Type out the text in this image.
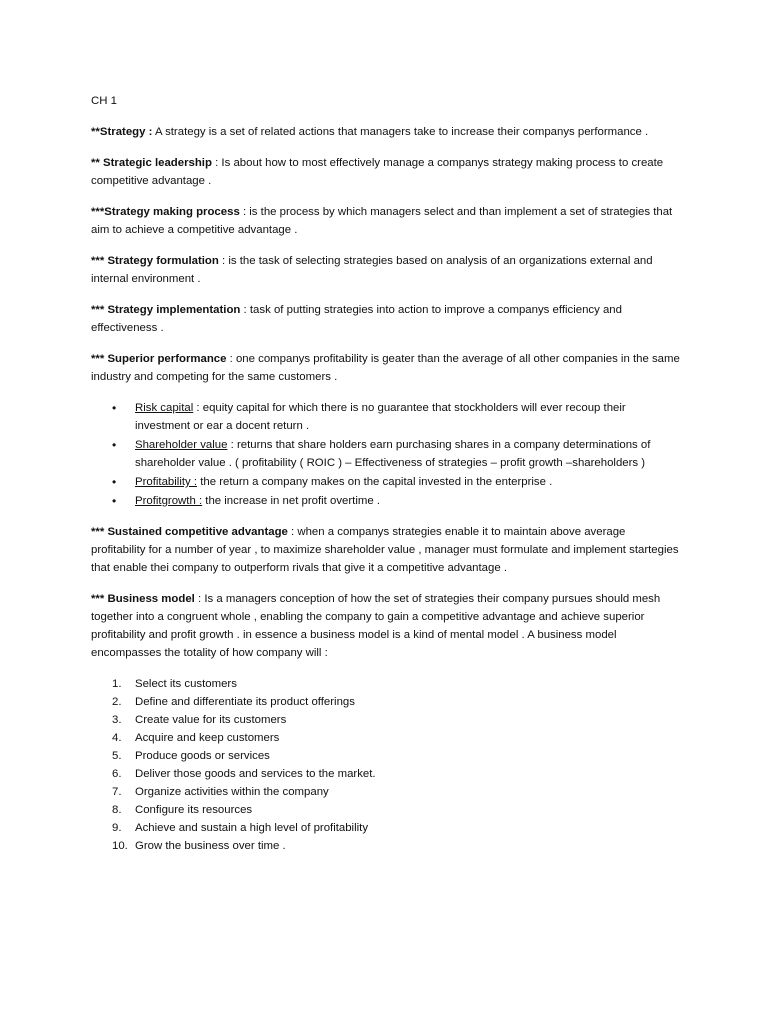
CH 1

**Strategy : A strategy is a set of related actions that managers take to increase their companys performance .

** Strategic leadership : Is about how to most effectively manage a companys strategy making process to create competitive advantage .

***Strategy making process : is the process by which managers select and than implement a set of strategies that aim to achieve a competitive advantage .

*** Strategy formulation : is the task of selecting strategies based on analysis of an organizations external and internal environment .

*** Strategy implementation : task of putting strategies into action to improve a companys efficiency and effectiveness .

*** Superior performance : one companys profitability is geater than the average of all other companies in the same industry and competing for the same customers .

• Risk capital : equity capital for which there is no guarantee that stockholders will ever recoup their investment or ear a docent return .
• Shareholder value : returns that share holders earn purchasing shares in a company determinations of shareholder value . ( profitability ( ROIC ) – Effectiveness of strategies – profit growth –shareholders )
• Profitability : the return a company makes on the capital invested in the enterprise .
• Profitgrowth : the increase in net profit overtime .

*** Sustained competitive advantage : when a companys strategies enable it to maintain above average profitability for a number of year , to maximize shareholder value , manager must formulate and implement startegies that enable thei company to outperform rivals that give it a competitive advantage .

*** Business model : Is a managers conception of how the set of strategies their company pursues should mesh together into a congruent whole , enabling the company to gain a competitive advantage and achieve superior profitability and profit growth . in essence a business model is a kind of mental model . A business model encompasses the totality of how company will :

1. Select its customers
2. Define and differentiate its product offerings
3. Create value for its customers
4. Acquire and keep customers
5. Produce goods or services
6. Deliver those goods and services to the market.
7. Organize activities within the company
8. Configure its resources
9. Achieve and sustain a high level of profitability
10. Grow the business over time .
